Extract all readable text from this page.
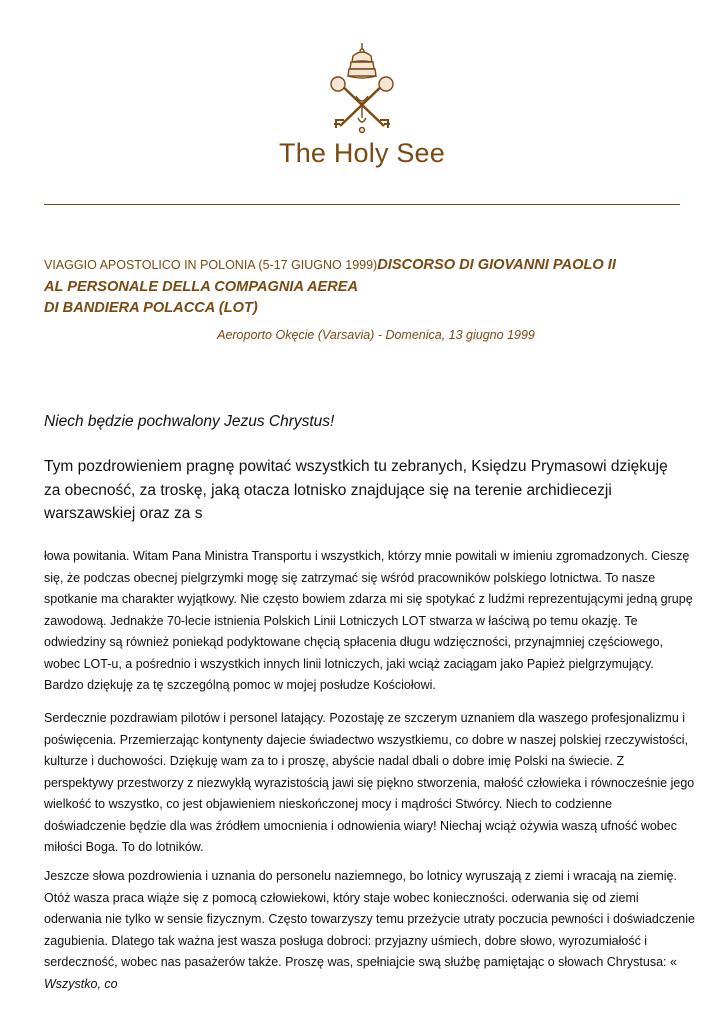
The Holy See
VIAGGIO APOSTOLICO IN POLONIA (5-17 GIUGNO 1999)DISCORSO DI GIOVANNI PAOLO II
AL PERSONALE DELLA COMPAGNIA AEREA
DI BANDIERA POLACCA (LOT)
Aeroporto Okęcie (Varsavia) - Domenica, 13 giugno 1999
Niech będzie pochwalony Jezus Chrystus!

Tym pozdrowieniem pragnę powitać wszystkich tu zebranych, Księdzu Prymasowi dziękuję za obecność, za troskę, jaką otacza lotnisko znajdujące się na terenie archidiecezji warszawskiej oraz za s

łowa powitania. Witam Pana Ministra Transportu i wszystkich, którzy mnie powitali w imieniu zgromadzonych. Cieszę się, że podczas obecnej pielgrzymki mogę się zatrzymać się wśród pracowników polskiego lotnictwa. To nasze spotkanie ma charakter wyjątkowy. Nie często bowiem zdarza mi się spotykać z ludźmi reprezentującymi jedną grupę zawodową. Jednakże 70-lecie istnienia Polskich Linii Lotniczych LOT stwarza w łaściwą po temu okazję. Te odwiedziny są również poniekąd podyktowane chęcią spłacenia długu wdzięczności, przynajmniej częściowego, wobec LOT-u, a pośrednio i wszystkich innych linii lotniczych, jaki wciąż zaciągam jako Papież pielgrzymujący. Bardzo dziękuję za tę szczególną pomoc w mojej posłudze Kościołowi.

Serdecznie pozdrawiam pilotów i personel latający. Pozostaję ze szczerym uznaniem dla waszego profesjonalizmu i poświęcenia. Przemierzając kontynenty dajecie świadectwo wszystkiemu, co dobre w naszej polskiej rzeczywistości, kulturze i duchowości. Dziękuję wam za to i proszę, abyście nadal dbali o dobre imię Polski na świecie. Z perspektywy przestworzy z niezwykłą wyrazistością jawi się piękno stworzenia, małość człowieka i równocześnie jego wielkość to wszystko, co jest objawieniem nieskończonej mocy i mądrości Stwórcy. Niech to codzienne doświadczenie będzie dla was źródłem umocnienia i odnowienia wiary! Niechaj wciąż ożywia waszą ufność wobec miłości Boga. To do lotników.

Jeszcze słowa pozdrowienia i uznania do personelu naziemnego, bo lotnicy wyruszają z ziemi i wracają na ziemię. Otóż wasza praca wiąże się z pomocą człowiekowi, który staje wobec konieczności. oderwania się od ziemi oderwania nie tylko w sensie fizycznym. Często towarzyszy temu przeżycie utraty poczucia pewności i doświadczenie zagubienia. Dlatego tak ważna jest wasza posługa dobroci: przyjazny uśmiech, dobre słowo, wyrozumiałość i serdeczność, wobec nas pasażerów także. Proszę was, spełniajcie swą służbę pamiętając o słowach Chrystusa: « Wszystko, co
